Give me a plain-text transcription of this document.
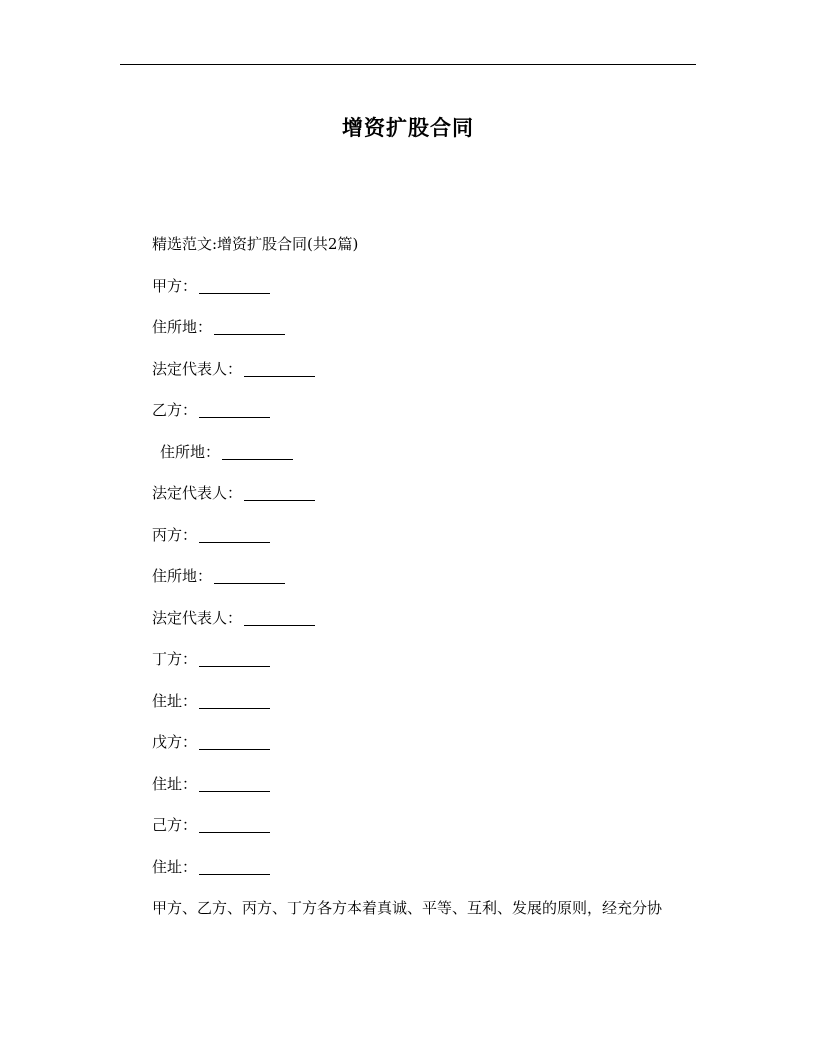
增资扩股合同
精选范文:增资扩股合同(共2篇)
甲方：
住所地：
法定代表人：
乙方：
住所地：
法定代表人：
丙方：
住所地：
法定代表人：
丁方：
住址：
戊方：
住址：
己方：
住址：
甲方、乙方、丙方、丁方各方本着真诚、平等、互利、发展的原则，经充分协
